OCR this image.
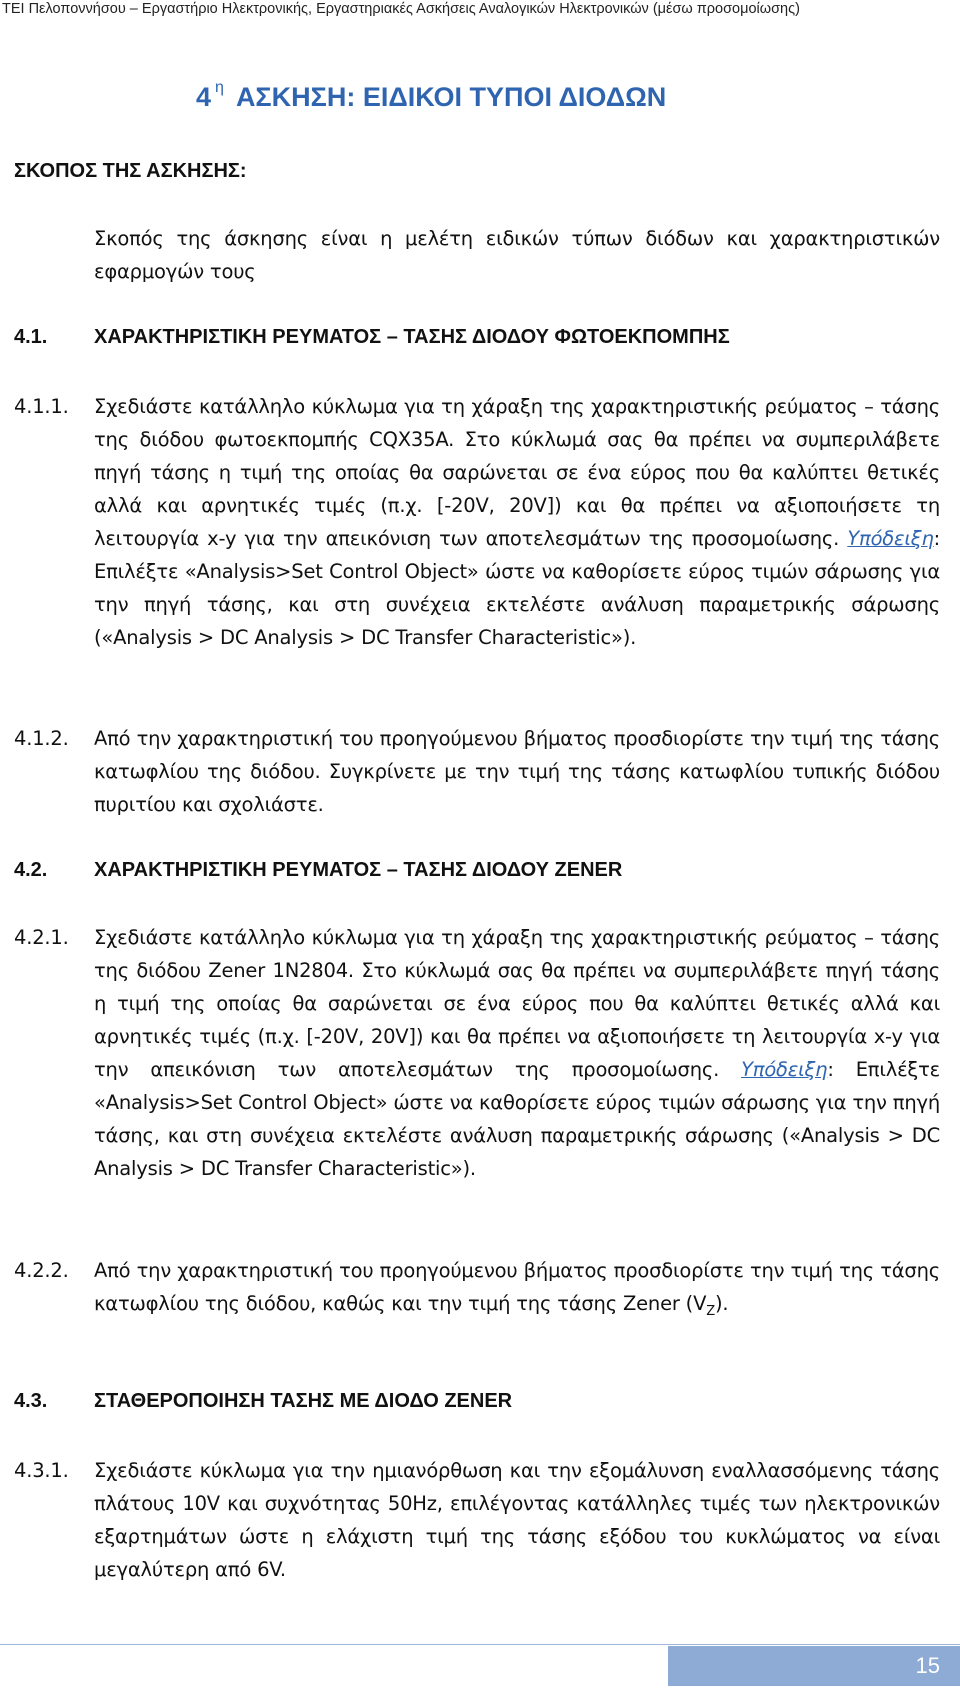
ΤΕΙ Πελοποννήσου – Εργαστήριο Ηλεκτρονικής, Εργαστηριακές Ασκήσεις Αναλογικών Ηλεκτρονικών (μέσω προσομοίωσης)
4 $^\eta$ ΑΣΚΗΣΗ: ΕΙΔΙΚΟΙ ΤΥΠΟΙ ΔΙΟΔΩΝ
ΣΚΟΠΟΣ ΤΗΣ ΑΣΚΗΣΗΣ:
Σκοπός της άσκησης είναι η μελέτη ειδικών τύπων διόδων και χαρακτηριστικών εφαρμογών τους
4.1. ΧΑΡΑΚΤΗΡΙΣΤΙΚΗ ΡΕΥΜΑΤΟΣ – ΤΑΣΗΣ ΔΙΟΔΟΥ ΦΩΤΟΕΚΠΟΜΠΗΣ
4.1.1. Σχεδιάστε κατάλληλο κύκλωμα για τη χάραξη της χαρακτηριστικής ρεύματος – τάσης της διόδου φωτοεκπομπής CQX35A. Στο κύκλωμά σας θα πρέπει να συμπεριλάβετε πηγή τάσης η τιμή της οποίας θα σαρώνεται σε ένα εύρος που θα καλύπτει θετικές αλλά και αρνητικές τιμές (π.χ. [-20V, 20V]) και θα πρέπει να αξιοποιήσετε τη λειτουργία x-y για την απεικόνιση των αποτελεσμάτων της προσομοίωσης. Υπόδειξη: Επιλέξτε «Analysis>Set Control Object» ώστε να καθορίσετε εύρος τιμών σάρωσης για την πηγή τάσης, και στη συνέχεια εκτελέστε ανάλυση παραμετρικής σάρωσης («Analysis > DC Analysis > DC Transfer Characteristic»).
4.1.2. Από την χαρακτηριστική του προηγούμενου βήματος προσδιορίστε την τιμή της τάσης κατωφλίου της διόδου. Συγκρίνετε με την τιμή της τάσης κατωφλίου τυπικής διόδου πυριτίου και σχολιάστε.
4.2. ΧΑΡΑΚΤΗΡΙΣΤΙΚΗ ΡΕΥΜΑΤΟΣ – ΤΑΣΗΣ ΔΙΟΔΟΥ ZENER
4.2.1. Σχεδιάστε κατάλληλο κύκλωμα για τη χάραξη της χαρακτηριστικής ρεύματος – τάσης της διόδου Zener 1N2804. Στο κύκλωμά σας θα πρέπει να συμπεριλάβετε πηγή τάσης η τιμή της οποίας θα σαρώνεται σε ένα εύρος που θα καλύπτει θετικές αλλά και αρνητικές τιμές (π.χ. [-20V, 20V]) και θα πρέπει να αξιοποιήσετε τη λειτουργία x-y για την απεικόνιση των αποτελεσμάτων της προσομοίωσης. Υπόδειξη: Επιλέξτε «Analysis>Set Control Object» ώστε να καθορίσετε εύρος τιμών σάρωσης για την πηγή τάσης, και στη συνέχεια εκτελέστε ανάλυση παραμετρικής σάρωσης («Analysis > DC Analysis > DC Transfer Characteristic»).
4.2.2. Από την χαρακτηριστική του προηγούμενου βήματος προσδιορίστε την τιμή της τάσης κατωφλίου της διόδου, καθώς και την τιμή της τάσης Zener $(V_Z)$.
4.3. ΣΤΑΘΕΡΟΠΟΙΗΣΗ ΤΑΣΗΣ ΜΕ ΔΙΟΔΟ ZENER
4.3.1. Σχεδιάστε κύκλωμα για την ημιανόρθωση και την εξομάλυνση εναλλασσόμενης τάσης πλάτους 10V και συχνότητας 50Hz, επιλέγοντας κατάλληλες τιμές των ηλεκτρονικών εξαρτημάτων ώστε η ελάχιστη τιμή της τάσης εξόδου του κυκλώματος να είναι μεγαλύτερη από 6V.
15
